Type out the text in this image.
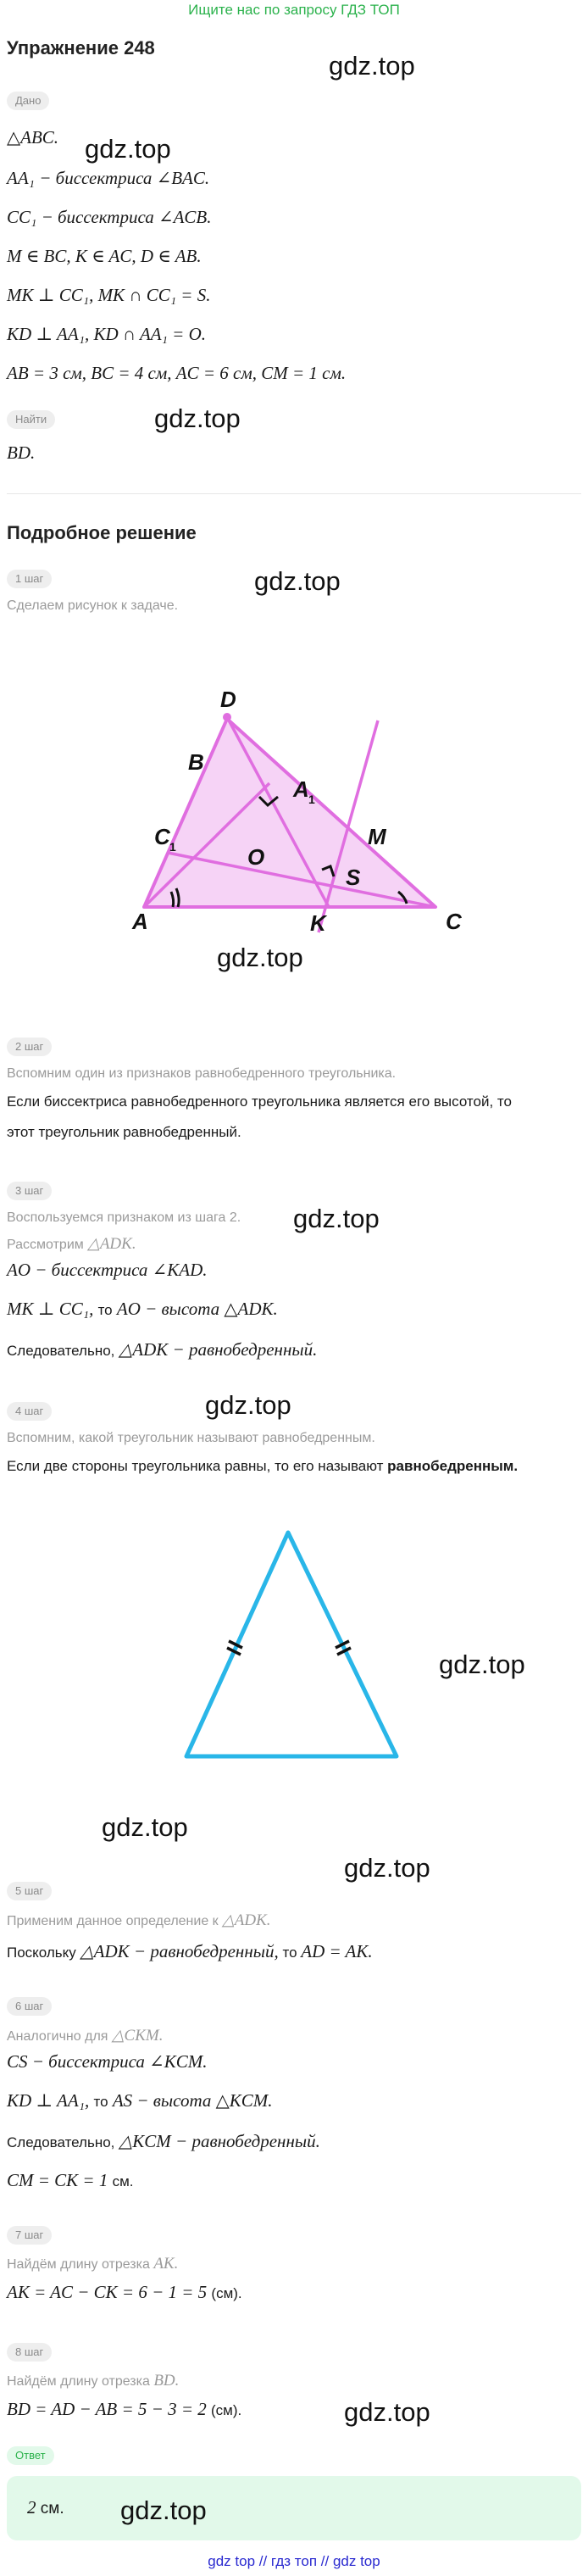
Ищите нас по запросу ГДЗ ТОП
Упражнение 248
gdz.top
Дано
△ABC. gdz.top
AA₁ − биссектриса ∠BAC.
CC₁ − биссектриса ∠ACB.
M ∈ BC, K ∈ AC, D ∈ AB.
MK ⊥ CC₁, MK ∩ CC₁ = S.
KD ⊥ AA₁, KD ∩ AA₁ = O.
AB = 3 см, BC = 4 см, AC = 6 см, CM = 1 см.
Найти	gdz.top
BD.
Подробное решение
1 шаг	gdz.top
Сделаем рисунок к задаче.
D
B
A 1
C 1	M
O
S
A	K	C
gdz.top
2 шаг
Вспомним один из признаков равнобедренного треугольника.
Если биссектриса равнобедренного треугольника является его высотой, то
этот треугольник равнобедренный.
3 шаг
Воспользуемся признаком из шага 2. gdz.top
Рассмотрим △ADK.
AO − биссектриса ∠KAD.
MK ⊥ CC₁, то AO − высота △ADK.
Следовательно, △ADK − равнобедренный.
4 шаг	gdz.top
Вспомним, какой треугольник называют равнобедренным.
Если две стороны треугольника равны, то его называют равнобедренным.
gdz.top
gdz.top
gdz.top
5 шаг
Применим данное определение к △ADK.
Поскольку △ADK − равнобедренный, то AD = AK.
6 шаг
Аналогично для △CKM.
CS − биссектриса ∠KCM.
KD ⊥ AA₁, то AS − высота △KCM.
Следовательно, △KCM − равнобедренный.
CM = CK = 1 см.
7 шаг
Найдём длину отрезка AK.
AK = AC − CK = 6 − 1 = 5 (см).
8 шаг
Найдём длину отрезка BD.
BD = AD − AB = 5 − 3 = 2 (см).	gdz.top
Ответ
2 см. gdz.top
gdz top // гдз топ // gdz top
